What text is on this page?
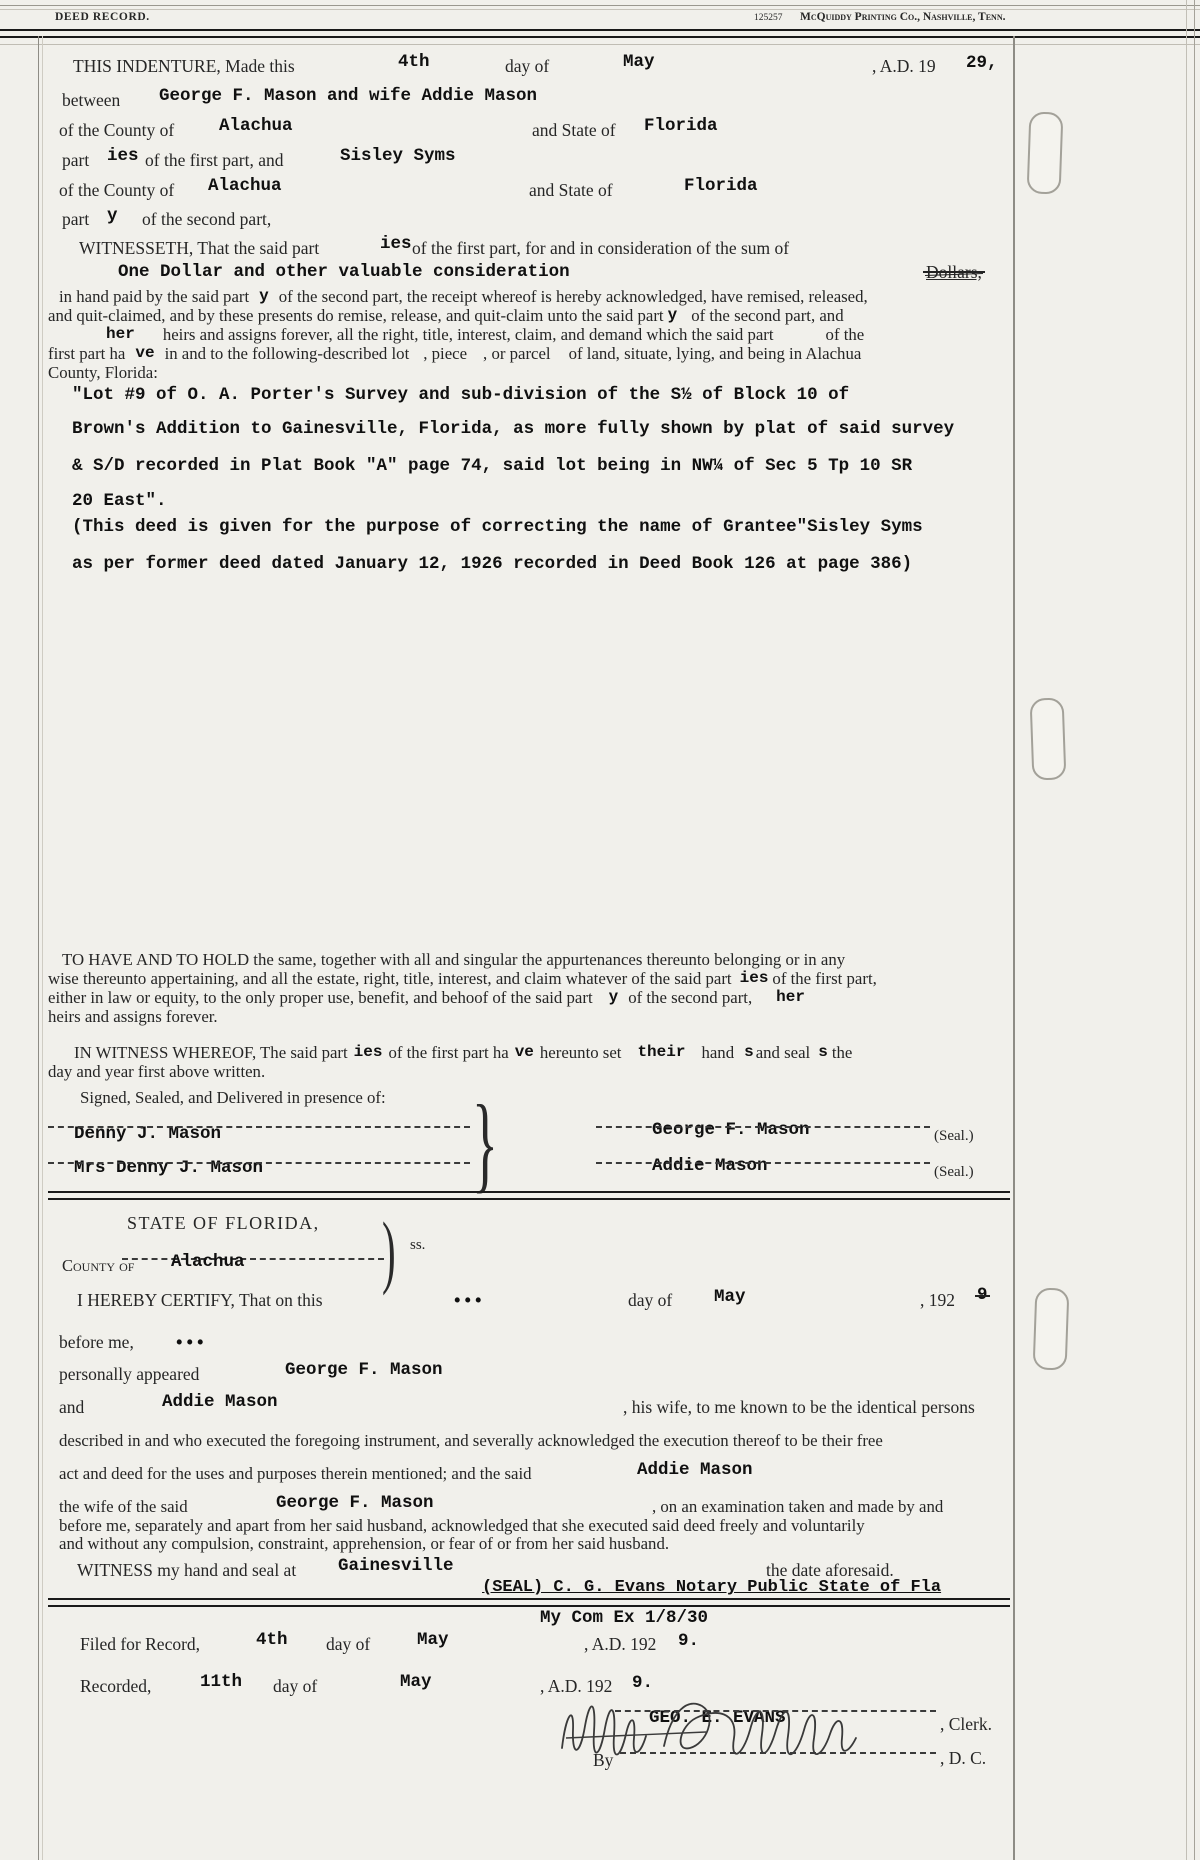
DEED RECORD.	125257 McQuiddy Printing Co., Nashville, Tenn.
THIS INDENTURE, Made this	4th	day of	May	, A.D. 19 29,
between George F. Mason and wife Addie Mason
of the County of	Alachua	and State of Florida
part ies of the first part, and	Sisley Syms
of the County of Alachua	and State of	Florida
part y of the second part,
WITNESSETH, That the said part	ies of the first part, for and in consideration of the sum of
One Dollar and other valuable consideration	Dollars,
in hand paid by the said part y of the second part, the receipt whereof is hereby acknowledged, have remised, released,
and quit-claimed, and by these presents do remise, release, and quit-claim unto the said part y of the second part, and
her heirs and assigns forever, all the right, title, interest, claim, and demand which the said part	of the
first part ha ve in and to the following-described lot , piece , or parcel of land, situate, lying, and being in Alachua
County, Florida:
"Lot #9 of O. A. Porter's Survey and sub-division of the S½ of Block 10 of
Brown's Addition to Gainesville, Florida, as more fully shown by plat of said survey
& S/D recorded in Plat Book "A" page 74, said lot being in NW¼ of Sec 5 Tp 10 SR
20 East".
(This deed is given for the purpose of correcting the name of Grantee"Sisley Syms
as per former deed dated January 12, 1926 recorded in Deed Book 126 at page 386)
TO HAVE AND TO HOLD the same, together with all and singular the appurtenances thereunto belonging or in any
wise thereunto appertaining, and all the estate, right, title, interest, and claim whatever of the said part ies of the first part,
either in law or equity, to the only proper use, benefit, and behoof of the said part y of the second part, her
heirs and assigns forever.
IN WITNESS WHEREOF, The said part ies of the first part ha ve hereunto set their hand s and seal s the
day and year first above written.
Signed, Sealed, and Delivered in presence of: }
Denny J. Mason
Mrs Denny J. Mason
George F. Mason	(Seal.)
Addie Mason	(Seal.)
STATE OF FLORIDA, ) ss.
County of Alachua
I HEREBY CERTIFY, That on this	•••	day of May	, 192 9
before me, •••
personally appeared	George F. Mason
and	Addie Mason	, his wife, to me known to be the identical persons
described in and who executed the foregoing instrument, and severally acknowledged the execution thereof to be their free
act and deed for the uses and purposes therein mentioned; and the said	Addie Mason
the wife of the said	George F. Mason	, on an examination taken and made by and
before me, separately and apart from her said husband, acknowledged that she executed said deed freely and voluntarily
and without any compulsion, constraint, apprehension, or fear of or from her said husband.
WITNESS my hand and seal at Gainesville	the date aforesaid.
(SEAL) C. G. Evans Notary Public State of Fla
My Com Ex 1/8/30
Filed for Record,	4th day of	May	, A.D. 192 9.
Recorded,	11th day of	May	, A.D. 192 9.
GEO. E. EVANS	, Clerk.
By	, D. C.
